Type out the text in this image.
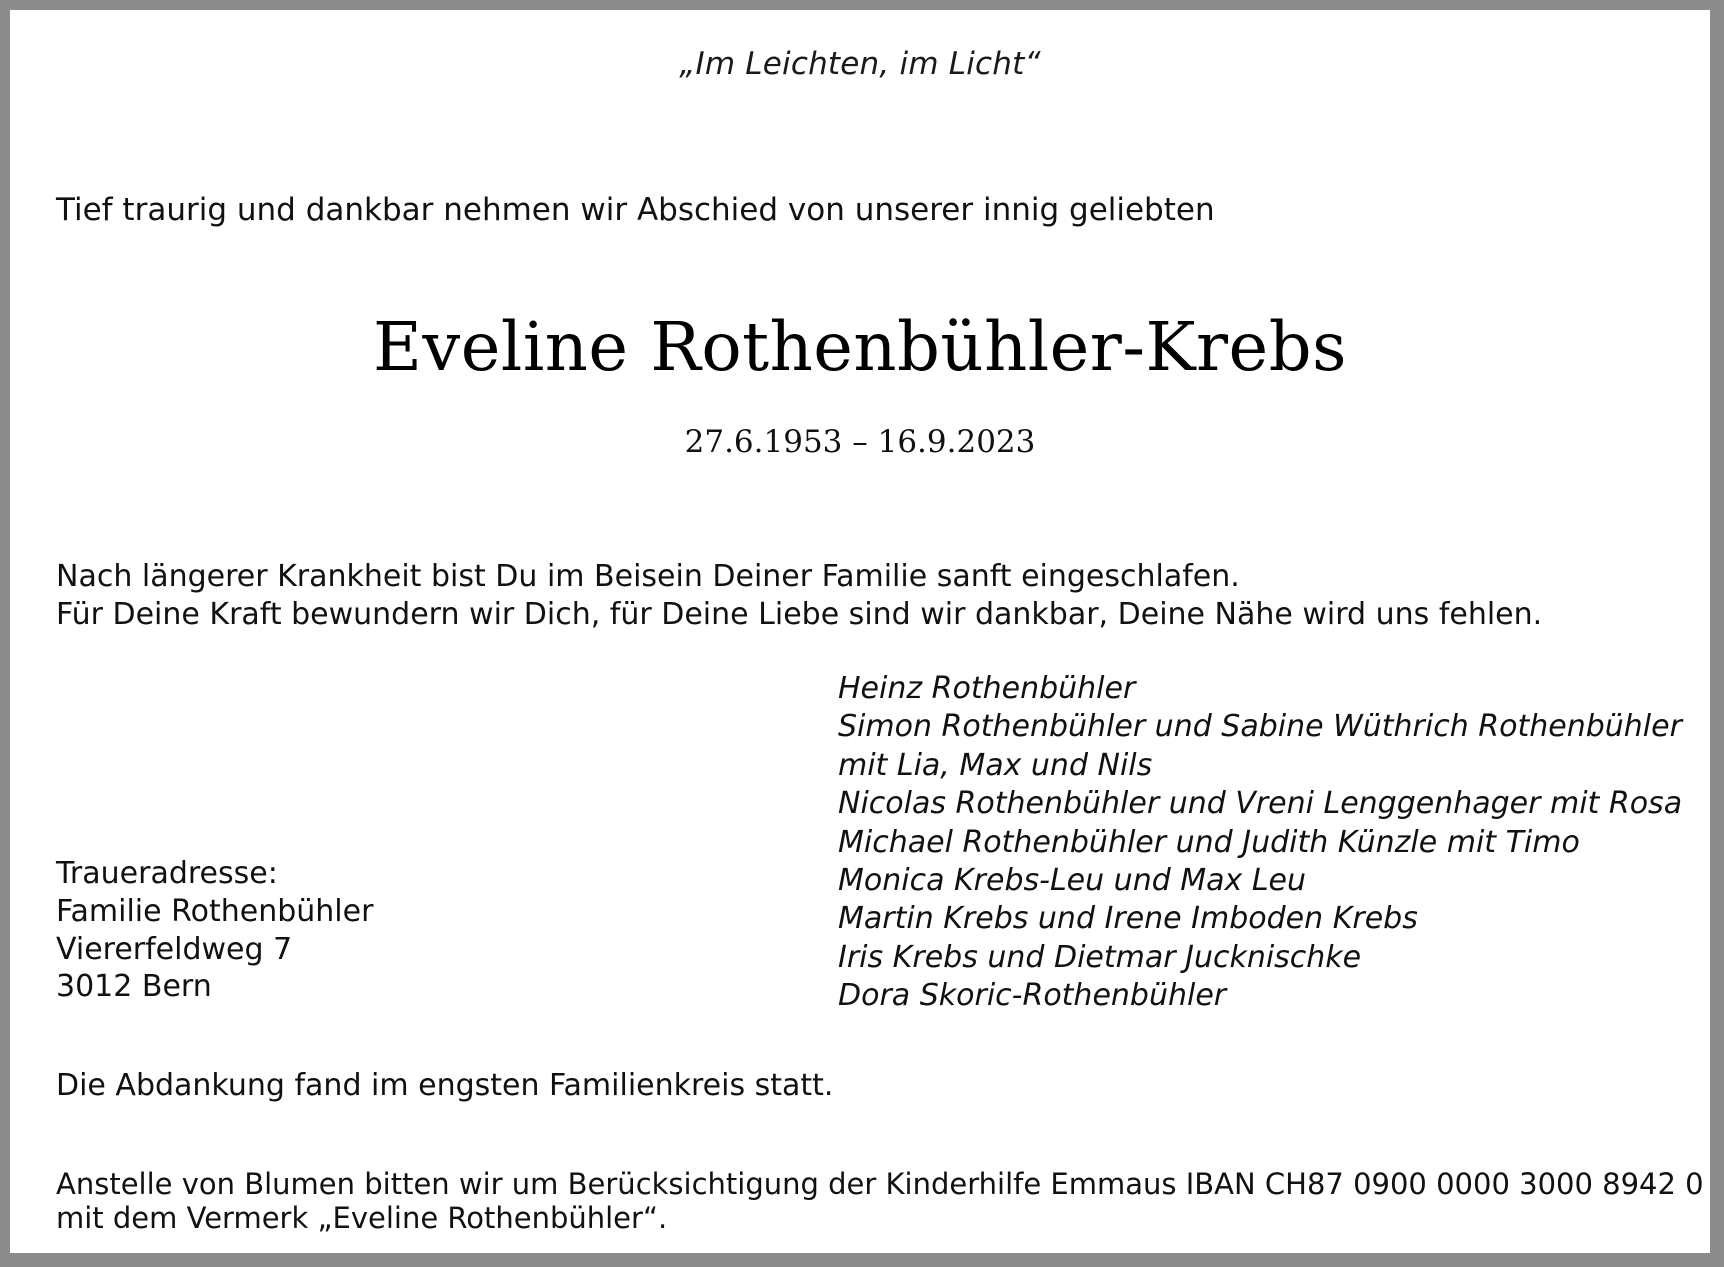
„Im Leichten, im Licht“
Tief traurig und dankbar nehmen wir Abschied von unserer innig geliebten
Eveline Rothenbühler-Krebs
27.6.1953 – 16.9.2023
Nach längerer Krankheit bist Du im Beisein Deiner Familie sanft eingeschlafen.
Für Deine Kraft bewundern wir Dich, für Deine Liebe sind wir dankbar, Deine Nähe wird uns fehlen.
Traueradresse:
Familie Rothenbühler
Viererfeldweg 7
3012 Bern
Heinz Rothenbühler
Simon Rothenbühler und Sabine Wüthrich Rothenbühler
mit Lia, Max und Nils
Nicolas Rothenbühler und Vreni Lenggenhager mit Rosa
Michael Rothenbühler und Judith Künzle mit Timo
Monica Krebs-Leu und Max Leu
Martin Krebs und Irene Imboden Krebs
Iris Krebs und Dietmar Jucknischke
Dora Skoric-Rothenbühler
Die Abdankung fand im engsten Familienkreis statt.
Anstelle von Blumen bitten wir um Berücksichtigung der Kinderhilfe Emmaus IBAN CH87 0900 0000 3000 8942 0
mit dem Vermerk „Eveline Rothenbühler“.
